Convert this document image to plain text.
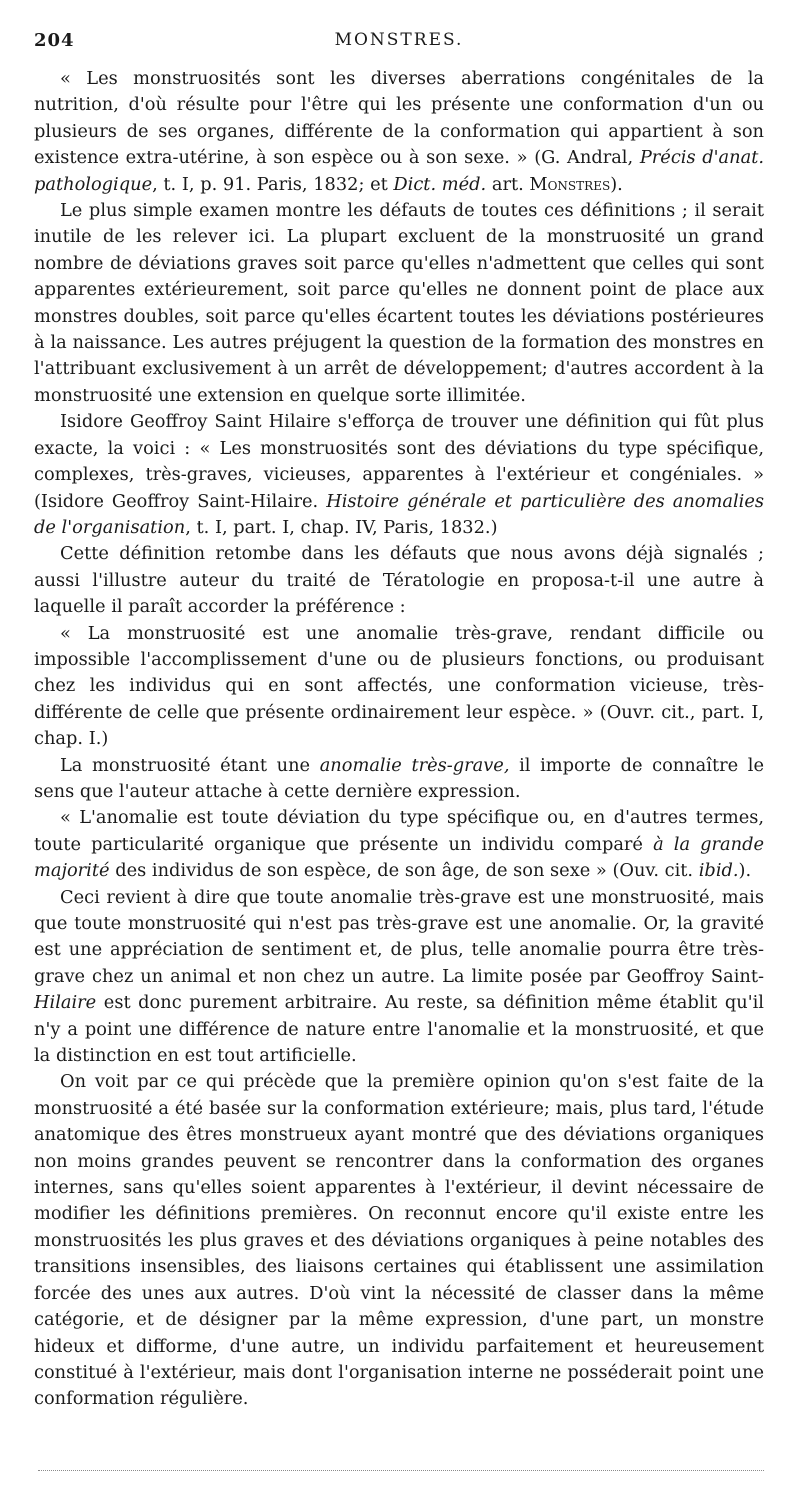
204	MONSTRES.

« Les monstruosités sont les diverses aberrations congénitales de la nutrition, d'où résulte pour l'être qui les présente une conformation d'un ou plusieurs de ses organes, différente de la conformation qui appartient à son existence extra-utérine, à son espèce ou à son sexe. » (G. Andral, Précis d'anat. pathologique, t. I, p. 91. Paris, 1832; et Dict. méd. art. Monstres).

Le plus simple examen montre les défauts de toutes ces définitions ; il serait inutile de les relever ici. La plupart excluent de la monstruosité un grand nombre de déviations graves soit parce qu'elles n'admettent que celles qui sont apparentes extérieurement, soit parce qu'elles ne donnent point de place aux monstres doubles, soit parce qu'elles écartent toutes les déviations postérieures à la naissance. Les autres préjugent la question de la formation des monstres en l'attribuant exclusivement à un arrêt de développement; d'autres accordent à la monstruosité une extension en quelque sorte illimitée.

Isidore Geoffroy Saint Hilaire s'efforça de trouver une définition qui fût plus exacte, la voici : « Les monstruosités sont des déviations du type spécifique, complexes, très-graves, vicieuses, apparentes à l'extérieur et congéniales. » (Isidore Geoffroy Saint-Hilaire. Histoire générale et particulière des anomalies de l'organisation, t. I, part. I, chap. IV, Paris, 1832.)

Cette définition retombe dans les défauts que nous avons déjà signalés ; aussi l'illustre auteur du traité de Tératologie en proposa-t-il une autre à laquelle il paraît accorder la préférence :

« La monstruosité est une anomalie très-grave, rendant difficile ou impossible l'accomplissement d'une ou de plusieurs fonctions, ou produisant chez les individus qui en sont affectés, une conformation vicieuse, très-différente de celle que présente ordinairement leur espèce. » (Ouvr. cit., part. I, chap. I.)

La monstruosité étant une anomalie très-grave, il importe de connaître le sens que l'auteur attache à cette dernière expression.

« L'anomalie est toute déviation du type spécifique ou, en d'autres termes, toute particularité organique que présente un individu comparé à la grande majorité des individus de son espèce, de son âge, de son sexe » (Ouv. cit. ibid.).

Ceci revient à dire que toute anomalie très-grave est une monstruosité, mais que toute monstruosité qui n'est pas très-grave est une anomalie. Or, la gravité est une appréciation de sentiment et, de plus, telle anomalie pourra être très-grave chez un animal et non chez un autre. La limite posée par Geoffroy Saint-Hilaire est donc purement arbitraire. Au reste, sa définition même établit qu'il n'y a point une différence de nature entre l'anomalie et la monstruosité, et que la distinction en est tout artificielle.

On voit par ce qui précède que la première opinion qu'on s'est faite de la monstruosité a été basée sur la conformation extérieure; mais, plus tard, l'étude anatomique des êtres monstrueux ayant montré que des déviations organiques non moins grandes peuvent se rencontrer dans la conformation des organes internes, sans qu'elles soient apparentes à l'extérieur, il devint nécessaire de modifier les définitions premières. On reconnut encore qu'il existe entre les monstruosités les plus graves et des déviations organiques à peine notables des transitions insensibles, des liaisons certaines qui établissent une assimilation forcée des unes aux autres. D'où vint la nécessité de classer dans la même catégorie, et de désigner par la même expression, d'une part, un monstre hideux et difforme, d'une autre, un individu parfaitement et heureusement constitué à l'extérieur, mais dont l'organisation interne ne posséderait point une conformation régulière.
